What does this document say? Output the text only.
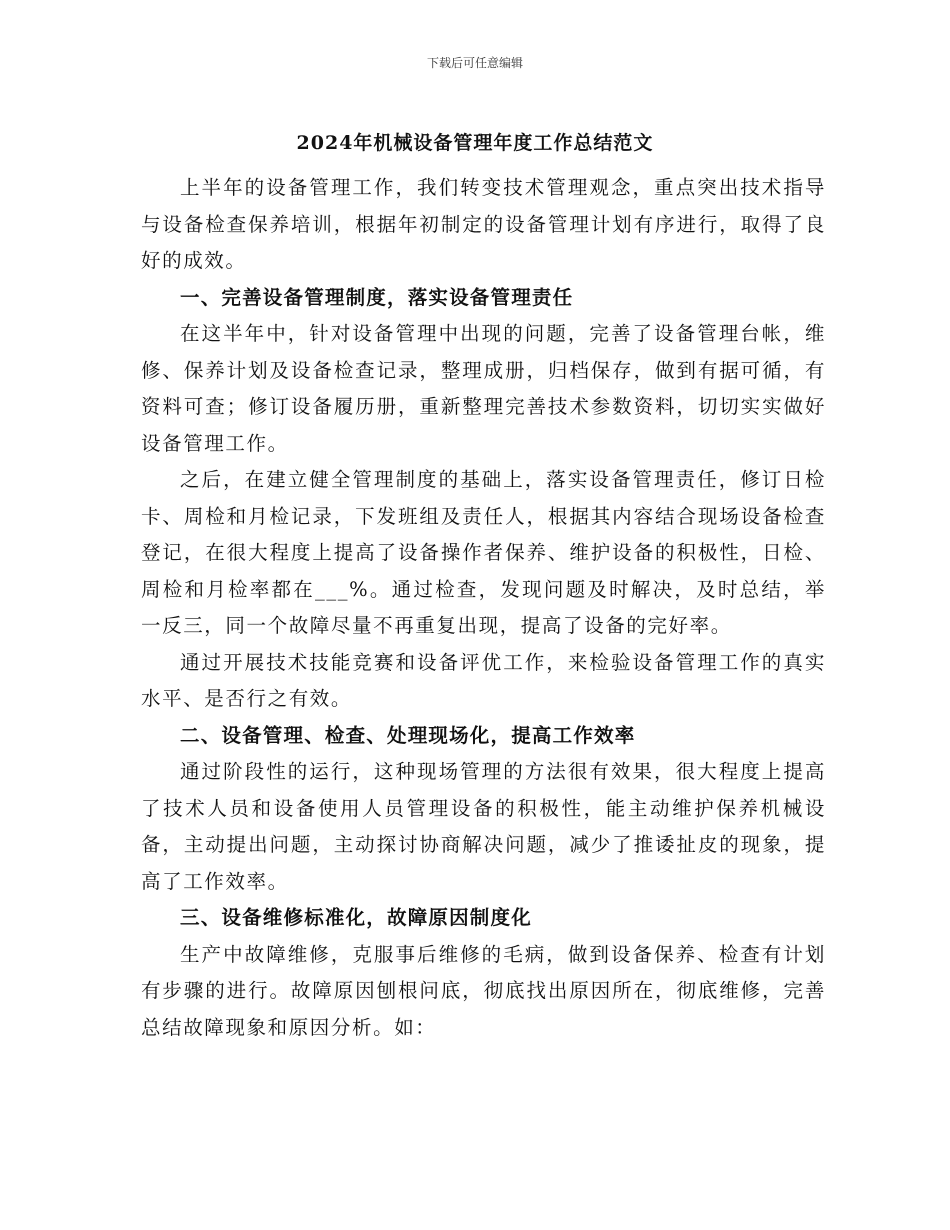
下载后可任意编辑
2024年机械设备管理年度工作总结范文

上半年的设备管理工作，我们转变技术管理观念，重点突出技术指导与设备检查保养培训，根据年初制定的设备管理计划有序进行，取得了良好的成效。

一、完善设备管理制度，落实设备管理责任

在这半年中，针对设备管理中出现的问题，完善了设备管理台帐，维修、保养计划及设备检查记录，整理成册，归档保存，做到有据可循，有资料可查；修订设备履历册，重新整理完善技术参数资料，切切实实做好设备管理工作。

之后，在建立健全管理制度的基础上，落实设备管理责任，修订日检卡、周检和月检记录，下发班组及责任人，根据其内容结合现场设备检查登记，在很大程度上提高了设备操作者保养、维护设备的积极性，日检、周检和月检率都在___%。通过检查，发现问题及时解决，及时总结，举一反三，同一个故障尽量不再重复出现，提高了设备的完好率。

通过开展技术技能竞赛和设备评优工作，来检验设备管理工作的真实水平、是否行之有效。

二、设备管理、检查、处理现场化，提高工作效率

通过阶段性的运行，这种现场管理的方法很有效果，很大程度上提高了技术人员和设备使用人员管理设备的积极性，能主动维护保养机械设备，主动提出问题，主动探讨协商解决问题，减少了推诿扯皮的现象，提高了工作效率。

三、设备维修标准化，故障原因制度化

生产中故障维修，克服事后维修的毛病，做到设备保养、检查有计划有步骤的进行。故障原因刨根问底，彻底找出原因所在，彻底维修，完善总结故障现象和原因分析。如：
